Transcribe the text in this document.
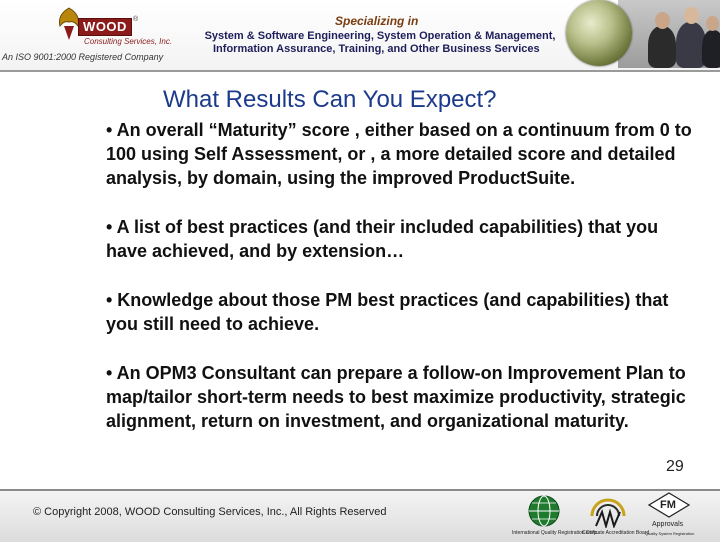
WOOD ®
Consulting Services, Inc.
An ISO 9001:2000 Registered Company
Specializing in
System & Software Engineering, System Operation & Management,
Information Assurance, Training, and Other Business Services
What Results Can You Expect?
• An overall “Maturity” score , either based on a continuum from 0 to 100 using Self Assessment, or , a more detailed score and detailed analysis, by domain, using the improved ProductSuite.
• A list of best practices (and their included capabilities) that you have achieved, and by extension…
• Knowledge about those PM best practices (and capabilities) that you still need to achieve.
• An OPM3 Consultant can prepare a follow-on Improvement Plan to map/tailor short-term needs to best maximize productivity, strategic alignment, return on investment, and organizational maturity.
29
© Copyright 2008, WOOD Consulting Services, Inc., All Rights Reserved
International Quality Registration Corp.
Certificate Accreditation Board
FM
Approvals
Quality System Registration
